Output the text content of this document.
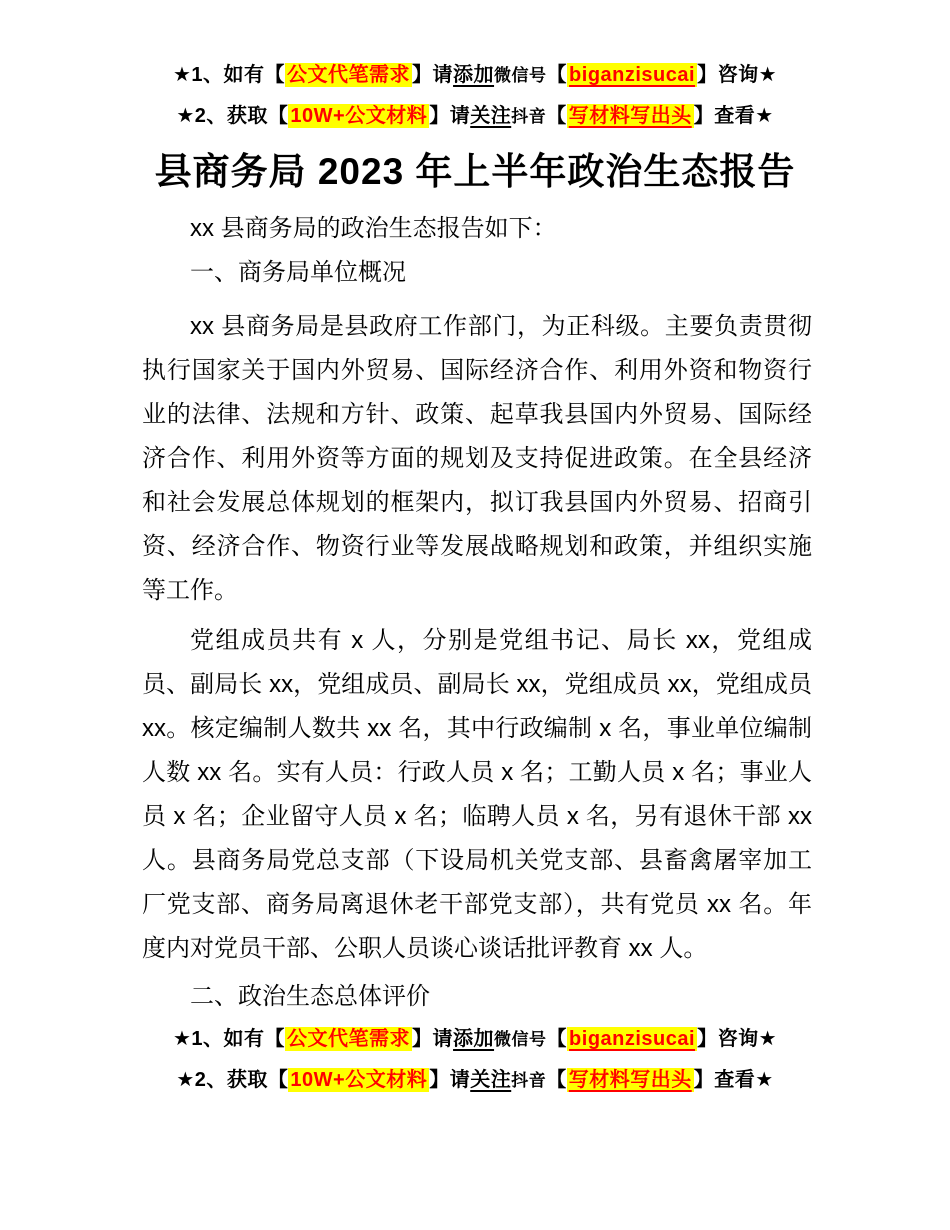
★1、如有【 公文代笔需求 】请添加微信号【 biganzisucai 】咨询★

★2、获取【 10W+公文材料 】请关注抖音【 写材料写出头 】查看★

县商务局 2023 年上半年政治生态报告

xx 县商务局的政治生态报告如下：

一、商务局单位概况

xx 县商务局是县政府工作部门，为正科级。主要负责贯彻执行国家关于国内外贸易、国际经济合作、利用外资和物资行业的法律、法规和方针、政策、起草我县国内外贸易、国际经济合作、利用外资等方面的规划及支持促进政策。在全县经济和社会发展总体规划的框架内，拟订我县国内外贸易、招商引资、经济合作、物资行业等发展战略规划和政策，并组织实施等工作。

党组成员共有 x 人，分别是党组书记、局长 xx，党组成员、副局长 xx，党组成员、副局长 xx，党组成员 xx，党组成员 xx。核定编制人数共 xx 名，其中行政编制 x 名，事业单位编制人数 xx 名。实有人员：行政人员 x 名；工勤人员 x 名；事业人员 x 名；企业留守人员 x 名；临聘人员 x 名，另有退休干部 xx 人。县商务局党总支部（下设局机关党支部、县畜禽屠宰加工厂党支部、商务局离退休老干部党支部），共有党员 xx 名。年度内对党员干部、公职人员谈心谈话批评教育 xx 人。

二、政治生态总体评价

★1、如有【 公文代笔需求 】请添加微信号【 biganzisucai 】咨询★

★2、获取【 10W+公文材料 】请关注抖音【 写材料写出头 】查看★
